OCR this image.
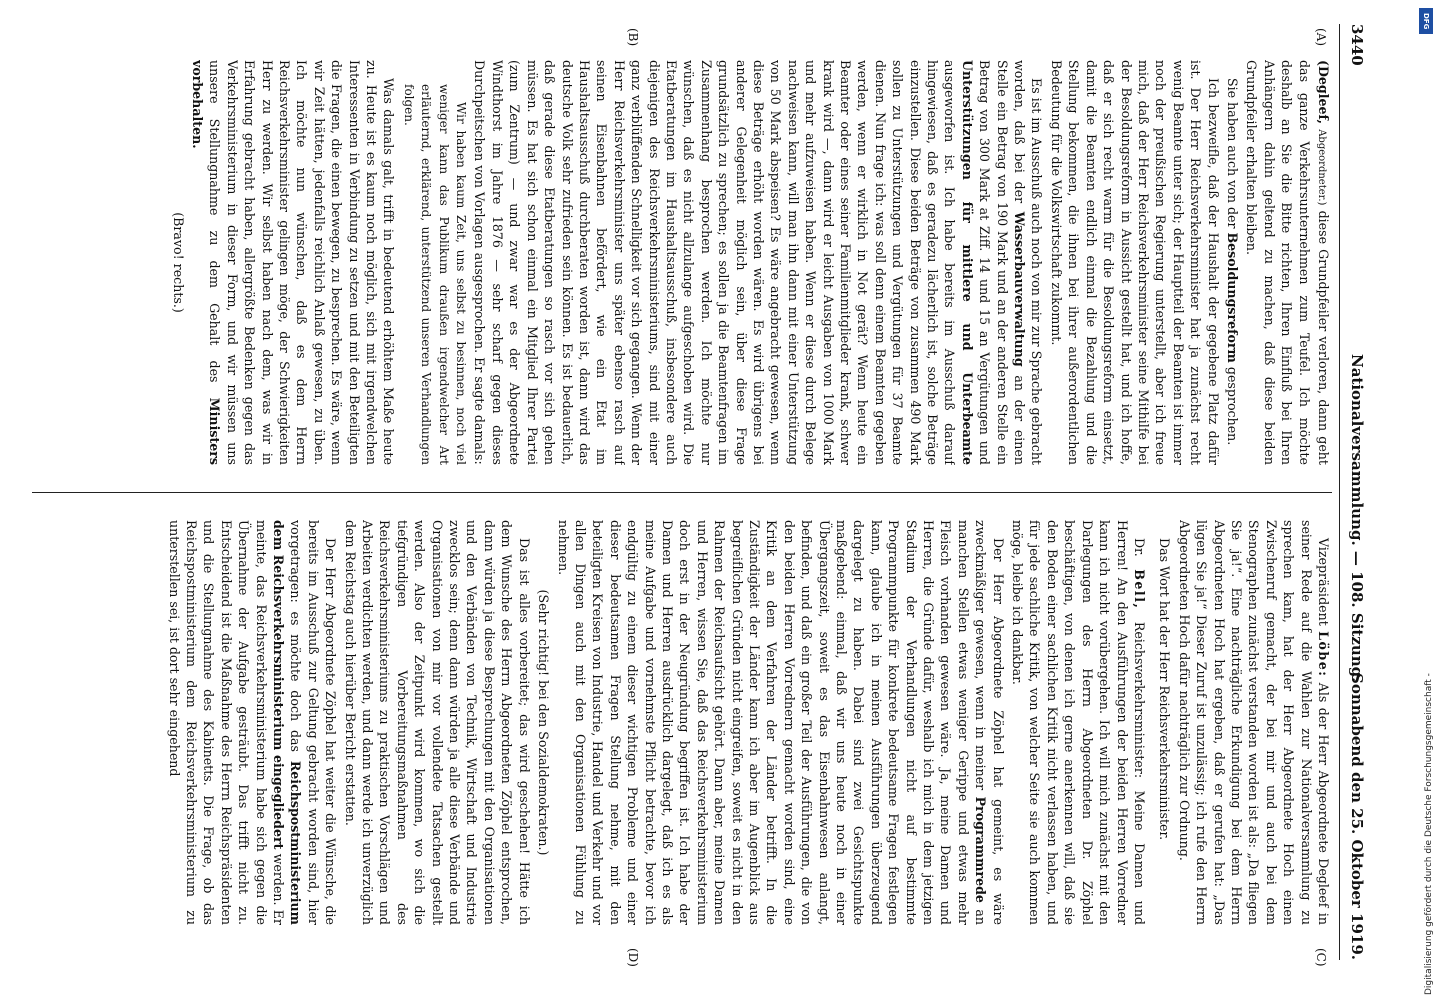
3440
Nationalversammlung. — 108. Sitzung.
Sonnabend den 25. Oktober 1919.
(A)
(B)
(C)
(D)

(Degleef, Abgeordneter.) diese Grundpfeiler verloren, dann geht das ganze Verkehrsunternehmen zum Teufel. Ich möchte deshalb an Sie die Bitte richten, Ihren Einfluß bei Ihren Anhängern dahin geltend zu machen, daß diese beiden Grundpfeiler erhalten bleiben.

Sie haben auch von der Besoldungsreform gesprochen.

Ich bezweifle, daß der Haushalt der gegebene Platz dafür ist. Der Herr Reichsverkehrsminister hat ja zunächst recht wenig Beamte unter sich; der Hauptteil der Beamten ist immer noch der preußischen Regierung unterstellt, aber ich freue mich, daß der Herr Reichsverkehrsminister seine Mithilfe bei der Besoldungsreform in Aussicht gestellt hat, und ich hoffe, daß er sich recht warm für die Besoldungsreform einsetzt, damit die Beamten endlich einmal die Bezahlung und die Stellung bekommen, die ihnen bei ihrer außerordentlichen Bedeutung für die Volkswirtschaft zukommt.

Es ist im Ausschuß auch noch von mir zur Sprache gebracht worden, daß bei der Wasserbauverwaltung an der einen Stelle ein Betrag von 190 Mark und an der anderen Stelle ein Betrag von 300 Mark at Ziff. 14 und 15 an Vergütungen und Unterstützungen für mittlere und Unterbeamte ausgeworfen ist. Ich habe bereits im Ausschuß darauf hingewiesen, daß es geradezu lächerlich ist, solche Beträge einzustellen. Diese beiden Beträge von zusammen 490 Mark sollen zu Unterstützungen und Vergütungen für 37 Beamte dienen. Nun frage ich: was soll denn einem Beamten gegeben werden, wenn er wirklich in Not gerät? Wenn heute ein Beamter oder eines seiner Familienmitglieder krank, schwer krank wird —, dann wird er leicht Ausgaben von 1000 Mark und mehr aufzuweisen haben. Wenn er diese durch Belege nachweisen kann, will man ihn dann mit einer Unterstützung von 50 Mark abspeisen? Es wäre angebracht gewesen, wenn diese Beträge erhöht worden wären. Es wird übrigens bei anderer Gelegenheit möglich sein, über diese Frage grundsätzlich zu sprechen; es sollen ja die Beamtenfragen im Zusammenhang besprochen werden. Ich möchte nur wünschen, daß es nicht allzulange aufgeschoben wird. Die Etatberatungen im Haushaltsausschuß, insbesondere auch diejenigen des Reichsverkehrsministeriums, sind mit einer ganz verblüffenden Schnelligkeit vor sich gegangen. Wenn der Herr Reichsverkehrsminister uns später ebenso rasch auf seinen Eisenbahnen befördert, wie ein Etat im Haushaltsausschuß durchberaten worden ist, dann wird das deutsche Volk sehr zufrieden sein können. Es ist bedauerlich, daß gerade diese Etatberatungen so rasch vor sich gehen müssen. Es hat sich schon einmal ein Mitglied Ihrer Partei (zum Zentrum) — und zwar war es der Abgeordnete Windthorst im Jahre 1876 — sehr scharf gegen dieses Durchpeitschen von Vorlagen ausgesprochen. Er sagte damals:

Wir haben kaum Zeit, uns selbst zu besinnen, noch viel weniger kann das Publikum draußen irgendwelcher Art erläuternd, erklärend, unterstützend unseren Verhandlungen folgen.

Was damals galt, trifft in bedeutend erhöhtem Maße heute zu. Heute ist es kaum noch möglich, sich mit irgendwelchen Interessenten in Verbindung zu setzen und mit den Beteiligten die Fragen, die einen bewegen, zu besprechen. Es wäre, wenn wir Zeit hätten, jedenfalls reichlich Anlaß gewesen, zu üben. Ich möchte nun wünschen, daß es dem Herrn Reichsverkehrsminister gelingen möge, der Schwierigkeiten Herr zu werden. Wir selbst haben nach dem, was wir in Erfahrung gebracht haben, allergrößte Bedenken gegen das Verkehrsministerium in dieser Form, und wir müssen uns unsere Stellungnahme zu dem Gehalt des Ministers vorbehalten.

(Bravo! rechts.)

Vizepräsident Löbe: Als der Herr Abgeordnete Degleef in seiner Rede auf die Wahlen zur Nationalversammlung zu sprechen kam, hat der Herr Abgeordnete Hoch einen Zwischenruf gemacht, der bei mir und auch bei dem Stenographen zunächst verstanden worden ist als: „Da fliegen Sie ja!“. Eine nachträgliche Erkundigung bei dem Herrn Abgeordneten Hoch hat ergeben, daß er gerufen hat: „Das lügen Sie ja!“ Dieser Zuruf ist unzulässig; ich rufe den Herrn Abgeordneten Hoch dafür nachträglich zur Ordnung.

Das Wort hat der Herr Reichsverkehrsminister.

Dr. Bell, Reichsverkehrsminister: Meine Damen und Herren! An den Ausführungen der beiden Herren Vorredner kann ich nicht vorübergehen. Ich will mich zunächst mit den Darlegungen des Herrn Abgeordneten Dr. Zöphel beschäftigen, von denen ich gerne anerkennen will, daß sie den Boden einer sachlichen Kritik nicht verlassen haben, und für jede sachliche Kritik, von welcher Seite sie auch kommen möge, bleibe ich dankbar.

Der Herr Abgeordnete Zöphel hat gemeint, es wäre zweckmäßiger gewesen, wenn in meiner Programmrede an manchen Stellen etwas weniger Gerippe und etwas mehr Fleisch vorhanden gewesen wäre. Ja, meine Damen und Herren, die Gründe dafür, weshalb ich mich in dem jetzigen Stadium der Verhandlungen nicht auf bestimmte Programmpunkte für konkrete bedeutsame Fragen festlegen kann, glaube ich in meinen Ausführungen überzeugend dargelegt zu haben. Dabei sind zwei Gesichtspunkte maßgebend: einmal, daß wir uns heute noch in einer Übergangszeit, soweit es das Eisenbahnwesen anlangt, befinden, und daß ein großer Teil der Ausführungen, die von den beiden Herren Vorrednern gemacht worden sind, eine Kritik an dem Verfahren der Länder betrifft. In die Zuständigkeit der Länder kann ich aber im Augenblick aus begreiflichen Gründen nicht eingreifen, soweit es nicht in den Rahmen der Reichsaufsicht gehört. Dann aber, meine Damen und Herren, wissen Sie, daß das Reichsverkehrsministerium doch erst in der Neugründung begriffen ist. Ich habe der Damen und Herren ausdrücklich dargelegt, daß ich es als meine Aufgabe und vornehmste Pflicht betrachte, bevor ich endgültig zu einem dieser wichtigen Probleme und einer dieser bedeutsamen Fragen Stellung nehme, mit den beteiligten Kreisen von Industrie, Handel und Verkehr und vor allen Dingen auch mit den Organisationen Fühlung zu nehmen.

(Sehr richtig! bei den Sozialdemokraten.)

Das ist alles vorbereitet; das wird geschehen! Hätte ich dem Wunsche des Herrn Abgeordneten Zöphel entsprochen, dann würden ja diese Besprechungen mit den Organisationen und den Verbänden von Technik, Wirtschaft und Industrie zwecklos sein; denn dann würden ja alle diese Verbände und Organisationen von mir vor vollendete Tatsachen gestellt werden. Also der Zeitpunkt wird kommen, wo sich die tiefgründigen Vorbereitungsmaßnahmen des Reichsverkehrsministeriums zu praktischen Vorschlägen und Arbeiten verdichten werden, und dann werde ich unverzüglich dem Reichstag auch hierüber Bericht erstatten.

Der Herr Abgeordnete Zöphel hat weiter die Wünsche, die bereits im Ausschuß zur Geltung gebracht worden sind, hier vorgetragen: es möchte doch das Reichspostministerium dem Reichsverkehrsministerium eingegliedert werden. Er meinte, das Reichsverkehrsministerium habe sich gegen die Übernahme der Aufgabe gesträubt. Das trifft nicht zu. Entscheidend ist die Maßnahme des Herrn Reichspräsidenten und die Stellungnahme des Kabinetts. Die Frage, ob das Reichspostministerium dem Reichsverkehrsministerium zu unterstellen sei, ist dort sehr eingehend

Digitalisierung gefördert durch die Deutsche Forschungsgemeinschaft -
DFG
